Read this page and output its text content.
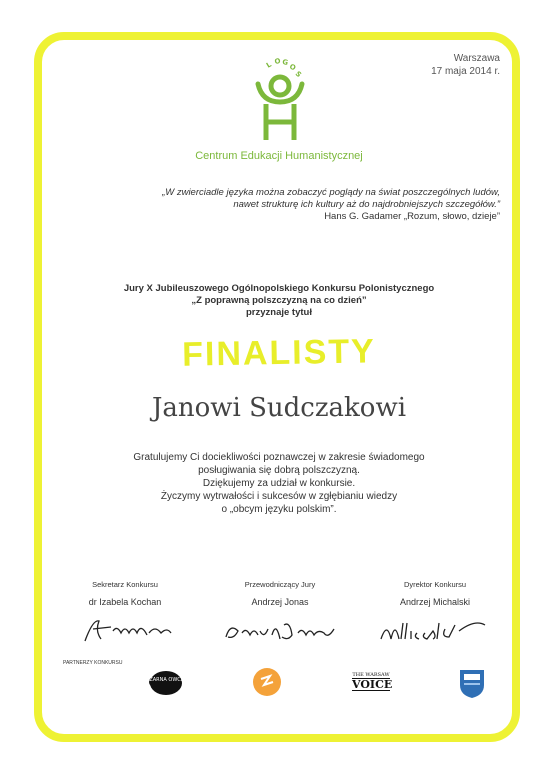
Warszawa
17 maja 2014 r.
L O G
O
S
Centrum Edukacji Humanistycznej
„W zwierciadle języka można zobaczyć poglądy na świat poszczególnych ludów,
nawet strukturę ich kultury aż do najdrobniejszych szczegółów.”
Hans G. Gadamer „Rozum, słowo, dzieje”
Jury X Jubileuszowego Ogólnopolskiego Konkursu Polonistycznego
„Z poprawną polszczyzną na co dzień”
przyznaje tytuł
FINALISTY
Janowi Sudczakowi
Gratulujemy Ci dociekliwości poznawczej w zakresie świadomego
posługiwania się dobrą polszczyzną.
Dziękujemy za udział w konkursie.
Życzymy wytrwałości i sukcesów w zgłębianiu wiedzy
o „obcym języku polskim”.
Sekretarz Konkursu
dr Izabela Kochan
Przewodniczący Jury
Andrzej Jonas
Dyrektor Konkursu
Andrzej Michalski
PARTNERZY KONKURSU
CZARNA OWCA
THE WARSAW
VOICE
